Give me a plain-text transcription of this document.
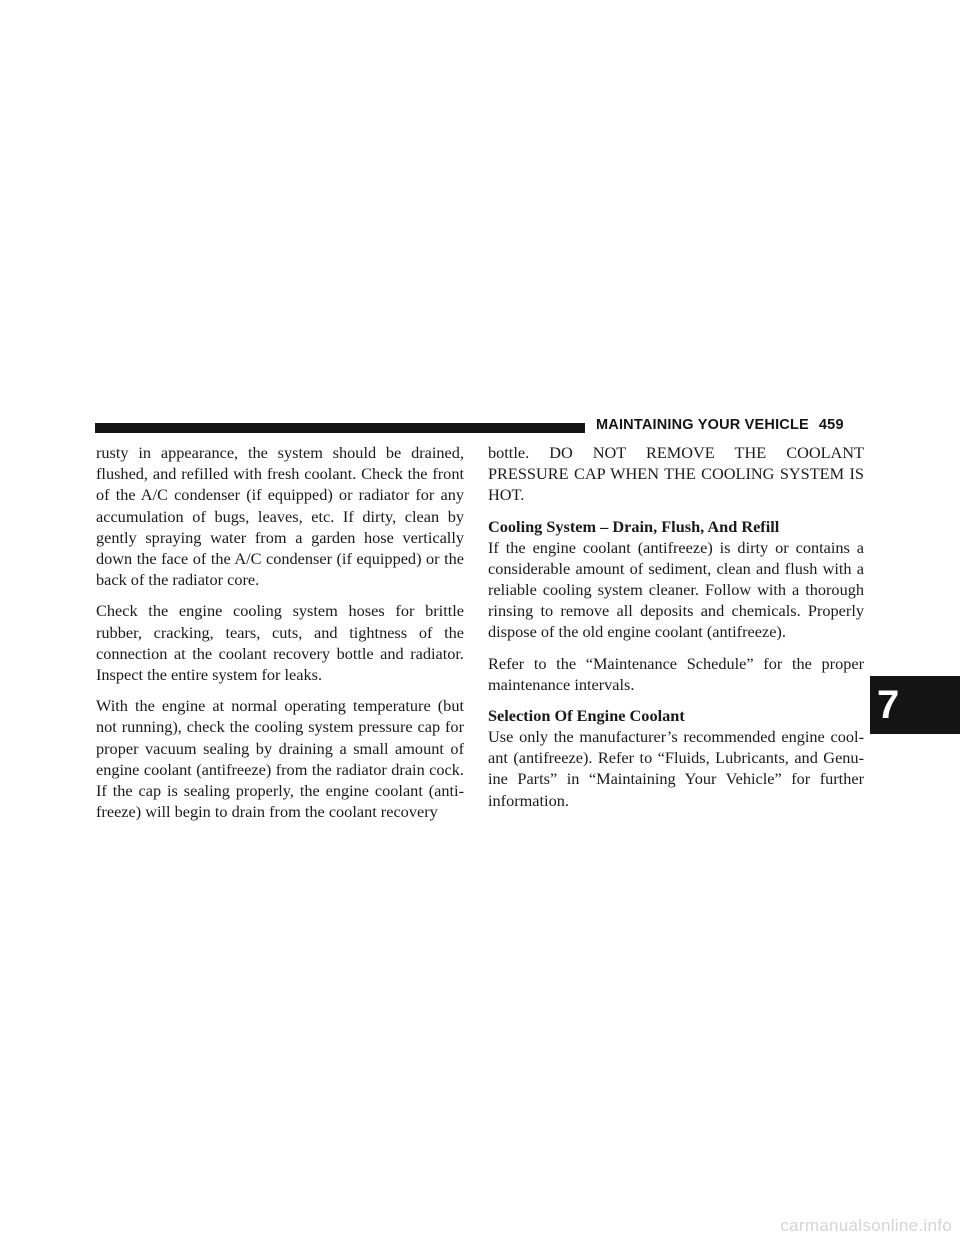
MAINTAINING YOUR VEHICLE 459

rusty in appearance, the system should be drained, flushed, and refilled with fresh coolant. Check the front of the A/C condenser (if equipped) or radiator for any accumulation of bugs, leaves, etc. If dirty, clean by gently spraying water from a garden hose vertically down the face of the A/C condenser (if equipped) or the back of the radiator core.

Check the engine cooling system hoses for brittle rubber, cracking, tears, cuts, and tightness of the connection at the coolant recovery bottle and radiator. Inspect the entire system for leaks.

With the engine at normal operating temperature (but not running), check the cooling system pressure cap for proper vacuum sealing by draining a small amount of engine coolant (antifreeze) from the radiator drain cock. If the cap is sealing properly, the engine coolant (anti-freeze) will begin to drain from the coolant recovery

bottle. DO NOT REMOVE THE COOLANT PRESSURE CAP WHEN THE COOLING SYSTEM IS HOT.

Cooling System – Drain, Flush, And Refill

If the engine coolant (antifreeze) is dirty or contains a considerable amount of sediment, clean and flush with a reliable cooling system cleaner. Follow with a thorough rinsing to remove all deposits and chemicals. Properly dispose of the old engine coolant (antifreeze).

Refer to the “Maintenance Schedule” for the proper maintenance intervals.

Selection Of Engine Coolant

Use only the manufacturer’s recommended engine cool-ant (antifreeze). Refer to “Fluids, Lubricants, and Genu-ine Parts” in “Maintaining Your Vehicle” for further information.

7
carmanualsonline.info
